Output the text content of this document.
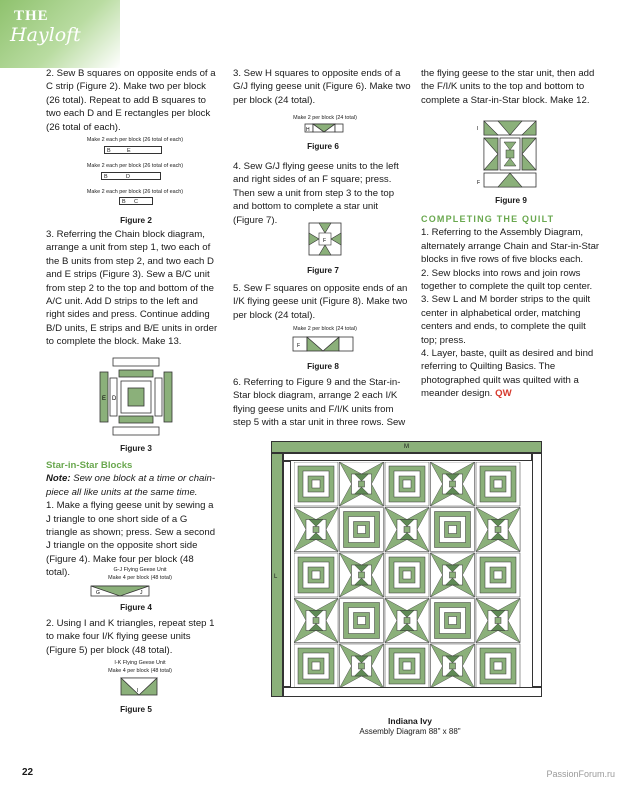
THE
Hayloft

2. Sew B squares on opposite ends of a C strip (Figure 2). Make two per block (26 total). Repeat to add B squares to two each D and E rectangles per block (26 total of each).

Make 2 each per block (26 total of each)
B	E
Make 2 each per block (26 total of each)
B	D
Make 2 each per block (26 total of each)
B C
Figure 2

3. Referring the Chain block diagram, arrange a unit from step 1, two each of the B units from step 2, and two each D and E strips (Figure 3). Sew a B/C unit from step 2 to the top and bottom of the A/C unit. Add D strips to the left and right sides and press. Continue adding B/D units, E strips and B/E units in order to complete the block. Make 13.

E D
Figure 3

Star-in-Star Blocks

Note: Sew one block at a time or chain-piece all like units at the same time.

1. Make a flying geese unit by sewing a J triangle to one short side of a G triangle as shown; press. Sew a second J triangle on the opposite short side (Figure 4). Make four per block (48 total).	G-J Flying Geese Unit
Make 4 per block (48 total)
G	J
Figure 4

2. Using I and K triangles, repeat step 1 to make four I/K flying geese units (Figure 5) per block (48 total).

I-K Flying Geese Unit
Make 4 per block (48 total)
I
Figure 5

3. Sew H squares to opposite ends of a G/J flying geese unit (Figure 6). Make two per block (24 total).

Make 2 per block (24 total)
H
Figure 6

4. Sew G/J flying geese units to the left and right sides of an F square; press. Then sew a unit from step 3 to the top and bottom to complete a star unit (Figure 7).

F
Figure 7

5. Sew F squares on opposite ends of an I/K flying geese unit (Figure 8). Make two per block (24 total).

Make 2 per block (24 total)
F
Figure 8

6. Referring to Figure 9 and the Star-in-Star block diagram, arrange 2 each I/K flying geese units and F/I/K units from step 5 with a star unit in three rows. Sew

the flying geese to the star unit, then add the F/I/K units to the top and bottom to complete a Star-in-Star block. Make 12.

I
F
Figure 9

COMPLETING THE QUILT

1. Referring to the Assembly Diagram, alternately arrange Chain and Star-in-Star blocks in five rows of five blocks each.

2. Sew blocks into rows and join rows together to complete the quilt top center.

3. Sew L and M border strips to the quilt center in alphabetical order, matching centers and ends, to complete the quilt top; press.

4. Layer, baste, quilt as desired and bind referring to Quilting Basics. The photographed quilt was quilted with a meander design. QW

M
L
Indiana Ivy
Assembly Diagram 88" x 88"
22	PassionForum.ru
